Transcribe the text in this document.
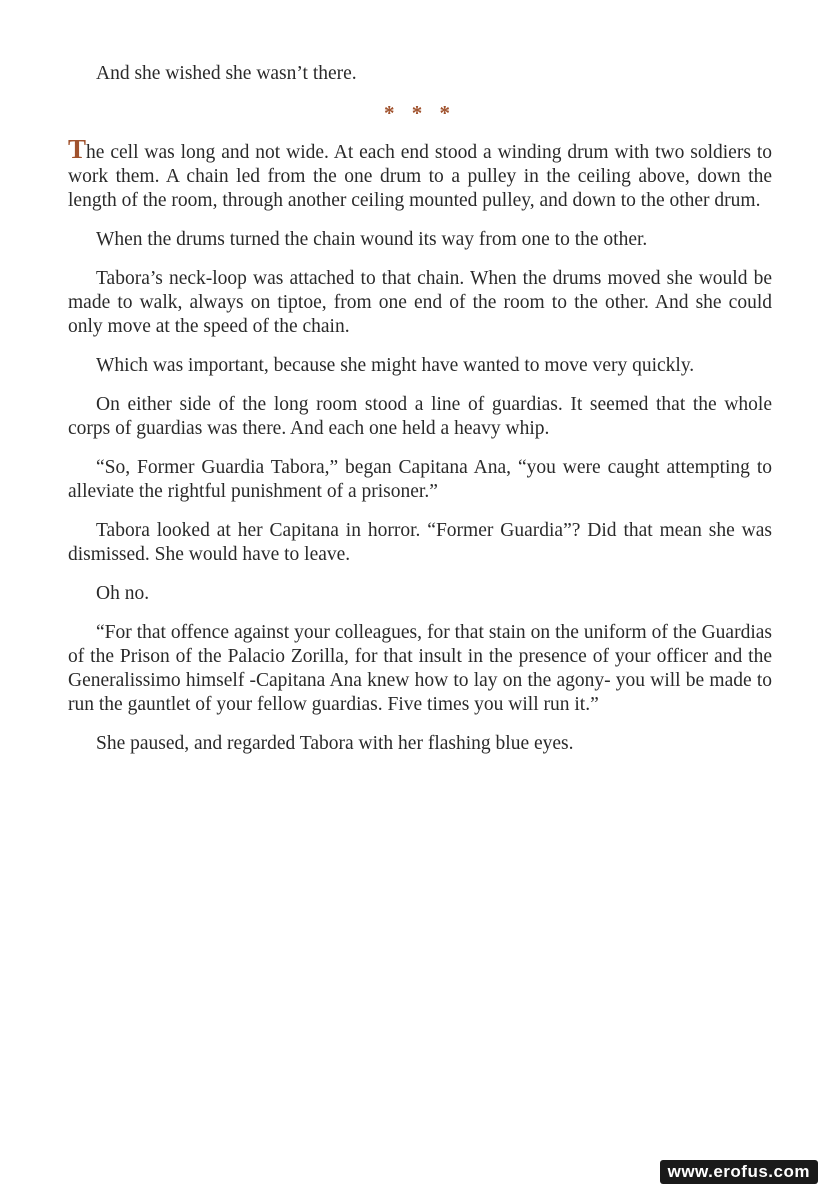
And she wished she wasn’t there.

* * *

The cell was long and not wide. At each end stood a winding drum with two soldiers to work them. A chain led from the one drum to a pulley in the ceiling above, down the length of the room, through another ceiling mounted pulley, and down to the other drum.

When the drums turned the chain wound its way from one to the other.

Tabora’s neck-loop was attached to that chain. When the drums moved she would be made to walk, always on tiptoe, from one end of the room to the other. And she could only move at the speed of the chain.

Which was important, because she might have wanted to move very quickly.

On either side of the long room stood a line of guardias. It seemed that the whole corps of guardias was there. And each one held a heavy whip.

“So, Former Guardia Tabora,” began Capitana Ana, “you were caught attempting to alleviate the rightful punishment of a prisoner.”

Tabora looked at her Capitana in horror. “Former Guardia”? Did that mean she was dismissed. She would have to leave.

Oh no.

“For that offence against your colleagues, for that stain on the uniform of the Guardias of the Prison of the Palacio Zorilla, for that insult in the presence of your officer and the Generalissimo himself -Capitana Ana knew how to lay on the agony- you will be made to run the gauntlet of your fellow guardias. Five times you will run it.”

She paused, and regarded Tabora with her flashing blue eyes.

www.erofus.com
